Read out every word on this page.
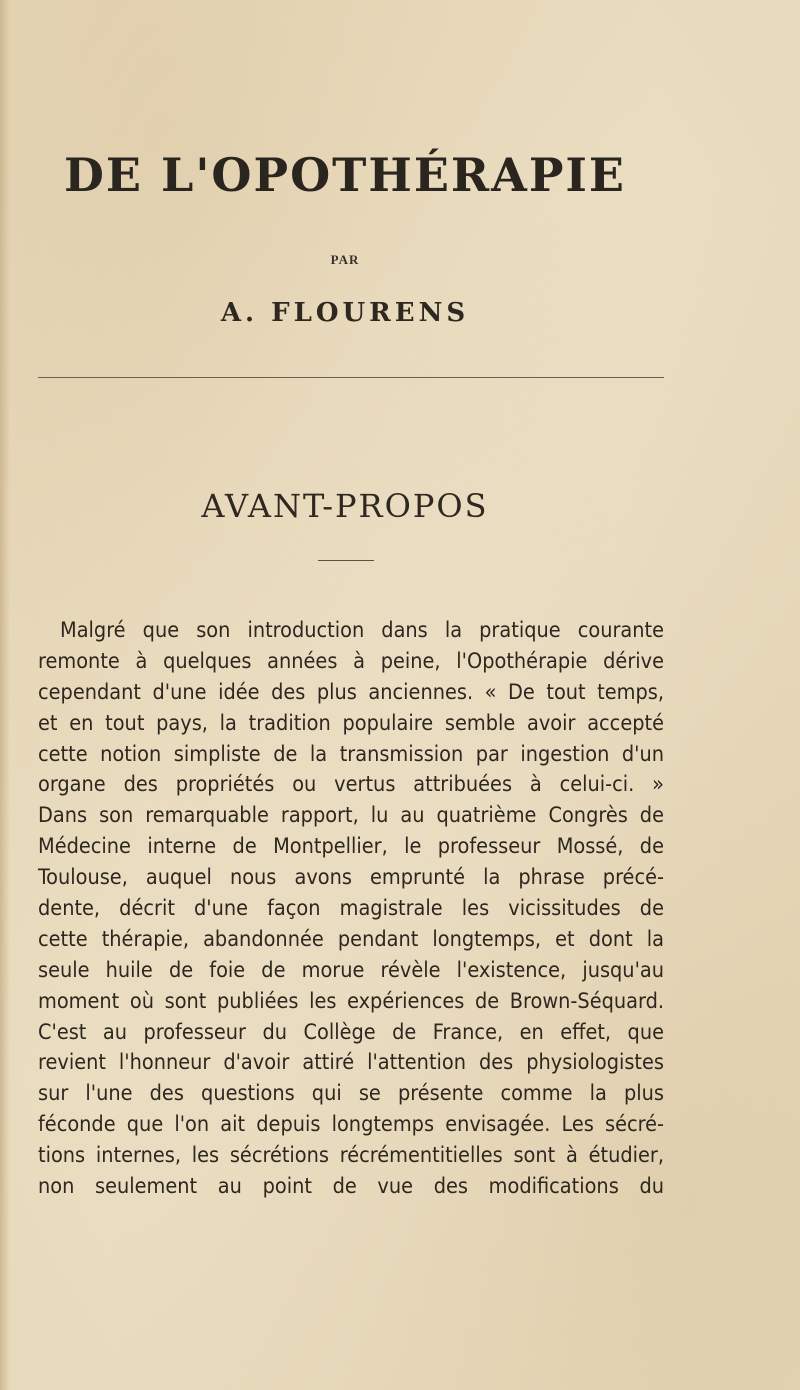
DE L'OPOTHÉRAPIE
PAR
A. FLOURENS
AVANT-PROPOS
Malgré que son introduction dans la pratique courante
remonte à quelques années à peine, l'Opothérapie dérive
cependant d'une idée des plus anciennes. « De tout temps,
et en tout pays, la tradition populaire semble avoir accepté
cette notion simpliste de la transmission par ingestion d'un
organe des propriétés ou vertus attribuées à celui-ci. »
Dans son remarquable rapport, lu au quatrième Congrès de
Médecine interne de Montpellier, le professeur Mossé, de
Toulouse, auquel nous avons emprunté la phrase précé-
dente, décrit d'une façon magistrale les vicissitudes de
cette thérapie, abandonnée pendant longtemps, et dont la
seule huile de foie de morue révèle l'existence, jusqu'au
moment où sont publiées les expériences de Brown-Séquard.
C'est au professeur du Collège de France, en effet, que
revient l'honneur d'avoir attiré l'attention des physiologistes
sur l'une des questions qui se présente comme la plus
féconde que l'on ait depuis longtemps envisagée. Les sécré-
tions internes, les sécrétions récrémentitielles sont à étudier,
non seulement au point de vue des modifications du
